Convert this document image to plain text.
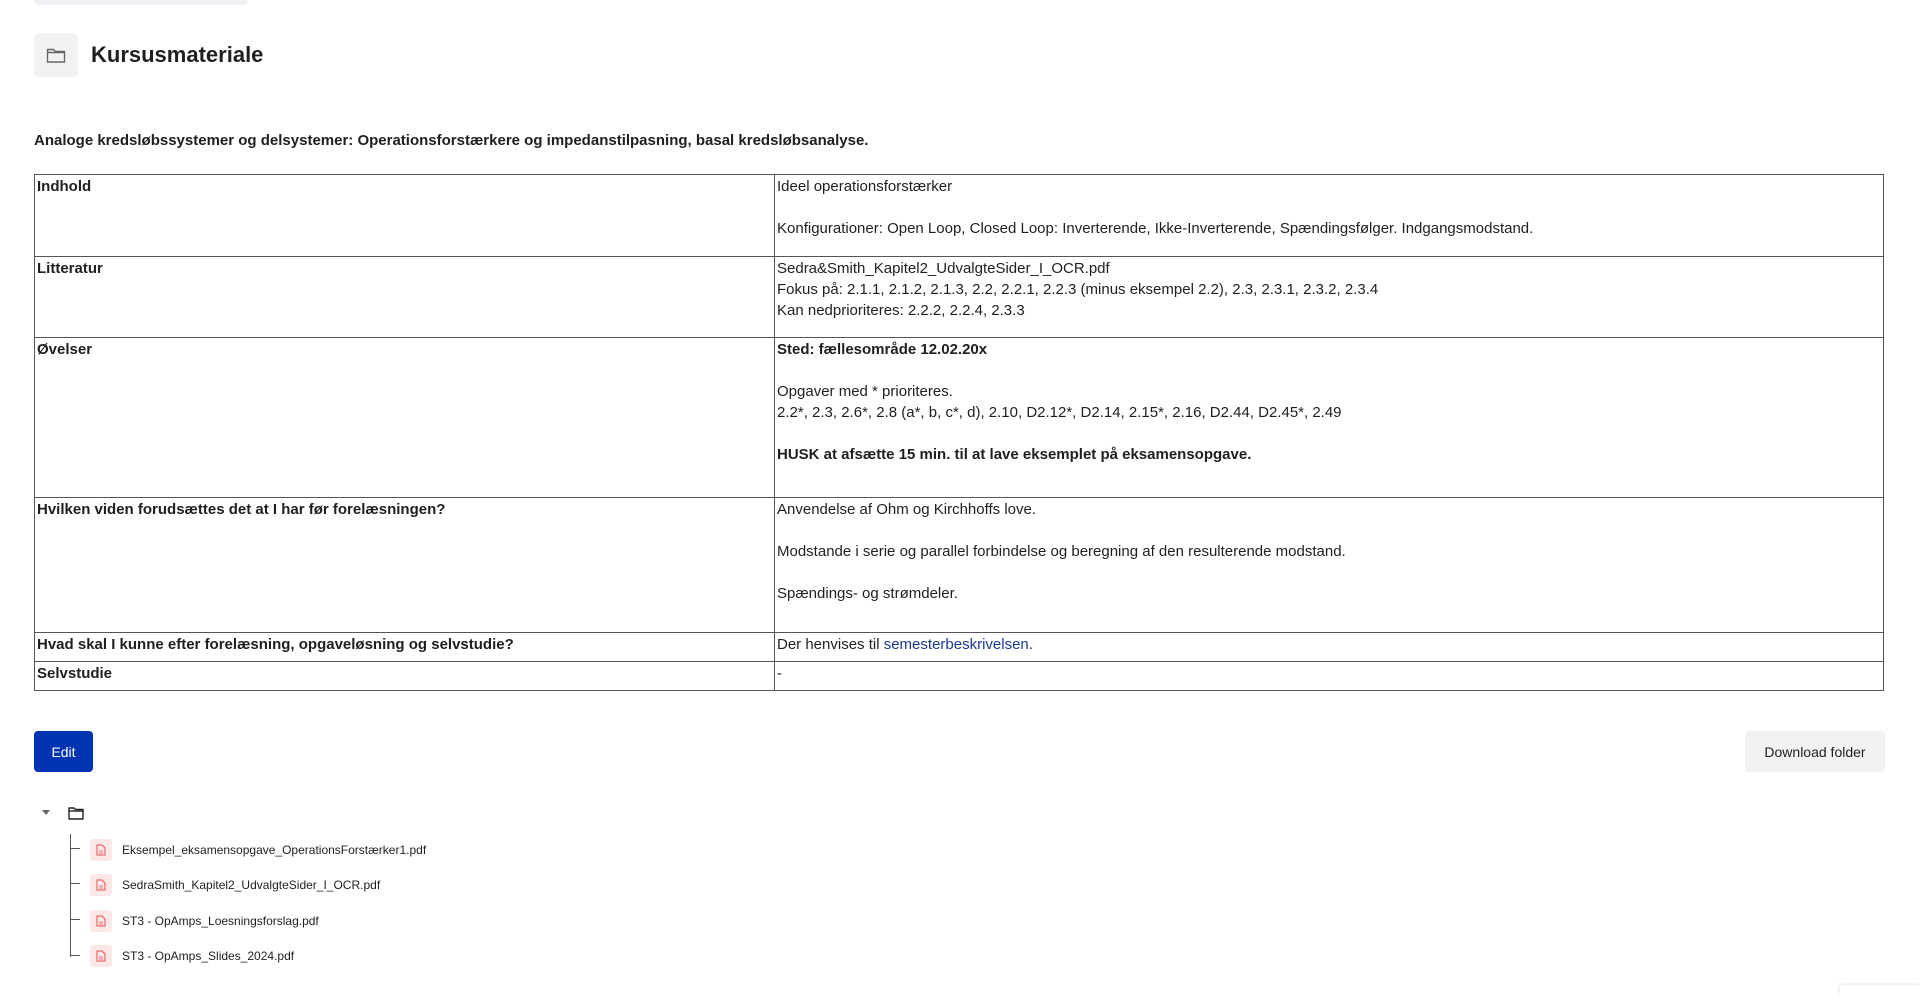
Kursusmateriale
Analoge kredsløbssystemer og delsystemer: Operationsforstærkere og impedanstilpasning, basal kredsløbsanalyse.
Indhold	Ideel operationsforstærker
Konfigurationer: Open Loop, Closed Loop: Inverterende, Ikke-Inverterende, Spændingsfølger. Indgangsmodstand.

Litteratur	Sedra&Smith_Kapitel2_UdvalgteSider_I_OCR.pdf
Fokus på: 2.1.1, 2.1.2, 2.1.3, 2.2, 2.2.1, 2.2.3 (minus eksempel 2.2), 2.3, 2.3.1, 2.3.2, 2.3.4
Kan nedprioriteres: 2.2.2, 2.2.4, 2.3.3

Øvelser	Sted: fællesområde 12.02.20x
Opgaver med * prioriteres.
2.2*, 2.3, 2.6*, 2.8 (a*, b, c*, d), 2.10, D2.12*, D2.14, 2.15*, 2.16, D2.44, D2.45*, 2.49
HUSK at afsætte 15 min. til at lave eksemplet på eksamensopgave.

Hvilken viden forudsættes det at I har før forelæsningen?	Anvendelse af Ohm og Kirchhoffs love.
Modstande i serie og parallel forbindelse og beregning af den resulterende modstand.
Spændings- og strømdeler.

Hvad skal I kunne efter forelæsning, opgaveløsning og selvstudie?	Der henvises til semesterbeskrivelsen.
Selvstudie	-
Edit	Download folder
Eksempel_eksamensopgave_OperationsForstærker1.pdf
SedraSmith_Kapitel2_UdvalgteSider_I_OCR.pdf
ST3 - OpAmps_Loesningsforslag.pdf
ST3 - OpAmps_Slides_2024.pdf
